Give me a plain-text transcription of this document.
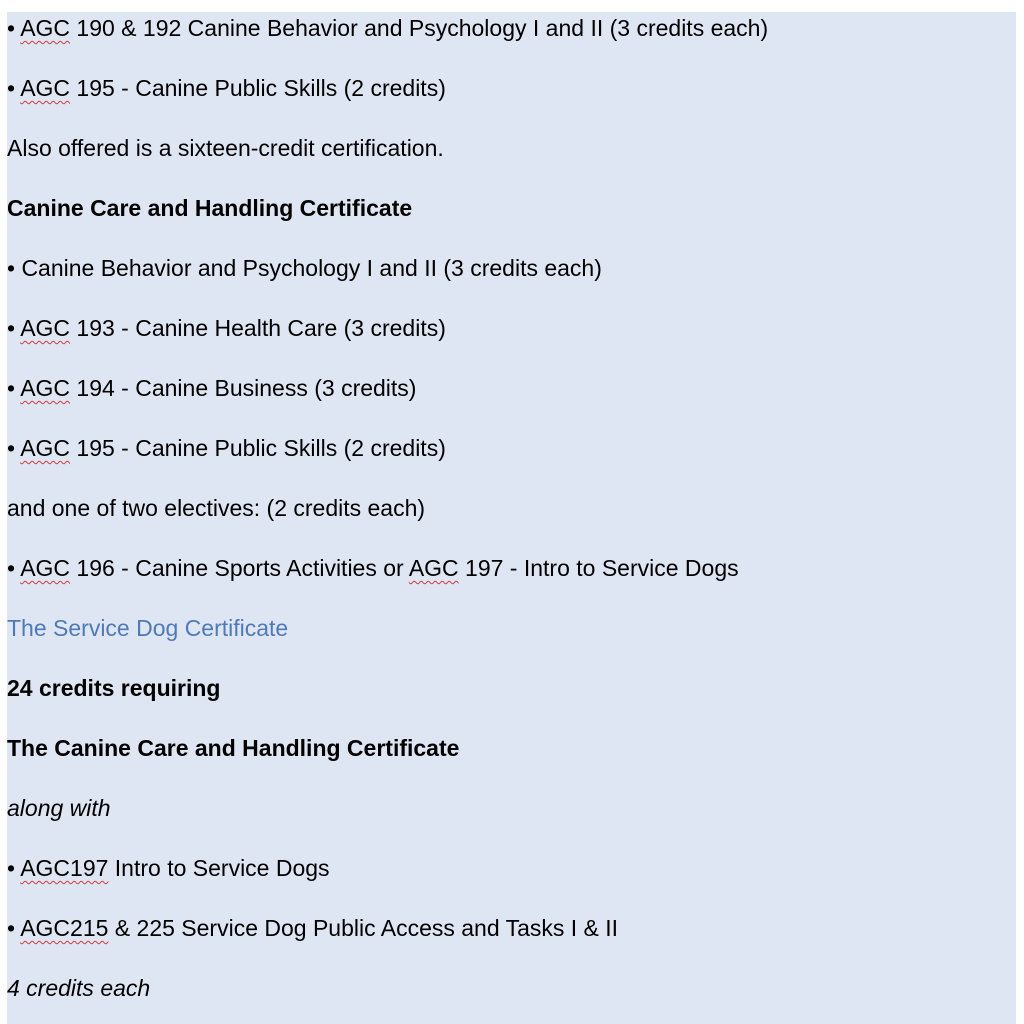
• AGC 190 & 192 Canine Behavior and Psychology I and II (3 credits each)
• AGC 195 - Canine Public Skills (2 credits)
Also offered is a sixteen-credit certification.
Canine Care and Handling Certificate
• Canine Behavior and Psychology I and II (3 credits each)
• AGC 193 - Canine Health Care (3 credits)
• AGC 194 - Canine Business (3 credits)
• AGC 195 - Canine Public Skills (2 credits)
and one of two electives: (2 credits each)
• AGC 196 - Canine Sports Activities or AGC 197 - Intro to Service Dogs
The Service Dog Certificate
24 credits requiring
The Canine Care and Handling Certificate
along with
• AGC197 Intro to Service Dogs
• AGC215 & 225 Service Dog Public Access and Tasks I & II
4 credits each
